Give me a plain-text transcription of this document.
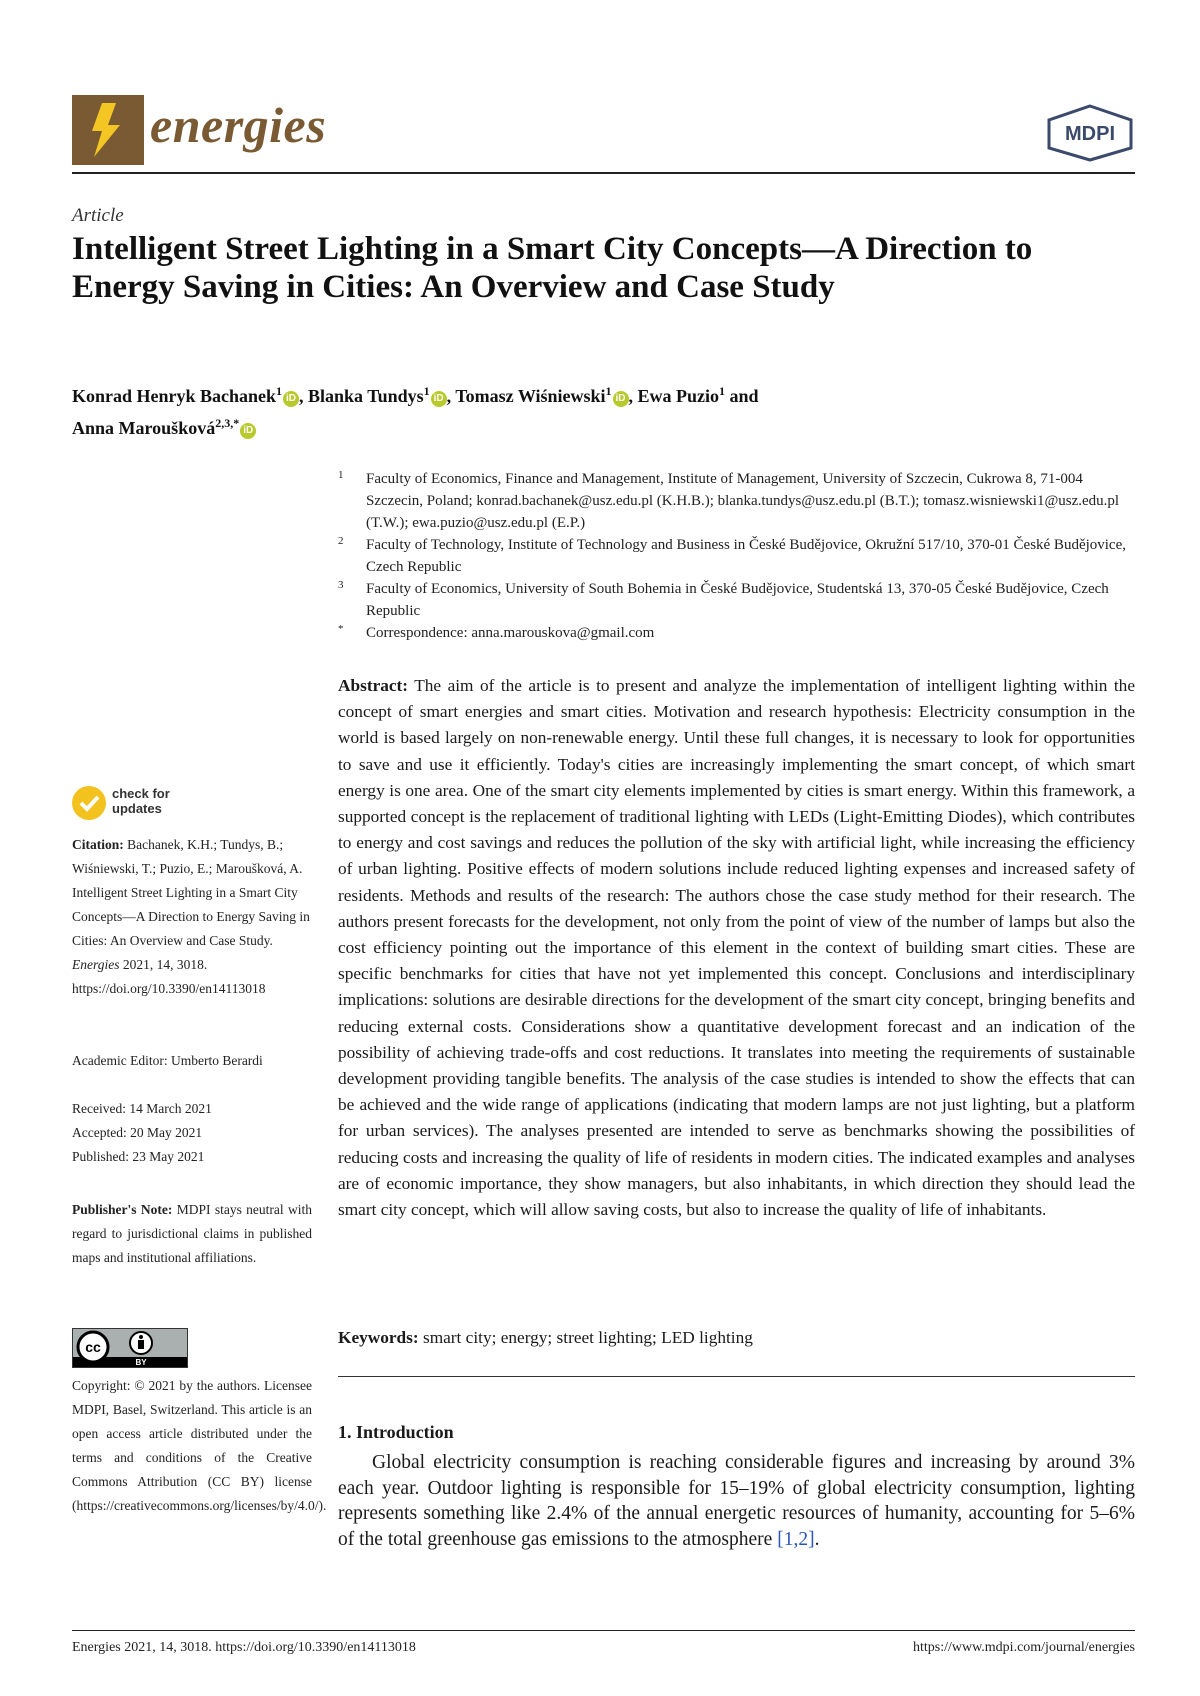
energies	MDPI
Article
Intelligent Street Lighting in a Smart City Concepts—A Direction to Energy Saving in Cities: An Overview and Case Study
Konrad Henryk Bachanek$^1$iD , Blanka Tundys$^1$iD , Tomasz Wiśniewski$^1$iD , Ewa Puzio$^1$ and
Anna Maroušková$^{2,3,*}$iD

1 Faculty of Economics, Finance and Management, Institute of Management, University of Szczecin, Cukrowa 8, 71-004 Szczecin, Poland; konrad.bachanek@usz.edu.pl (K.H.B.); blanka.tundys@usz.edu.pl (B.T.); tomasz.wisniewski1@usz.edu.pl (T.W.); ewa.puzio@usz.edu.pl (E.P.)

2 Faculty of Technology, Institute of Technology and Business in České Budějovice, Okružní 517/10, 370-01 České Budějovice, Czech Republic

3 Faculty of Economics, University of South Bohemia in České Budějovice, Studentská 13, 370-05 České Budějovice, Czech Republic

* Correspondence: anna.marouskova@gmail.com

Abstract: The aim of the article is to present and analyze the implementation of intelligent lighting within the concept of smart energies and smart cities. Motivation and research hypothesis: Electricity consumption in the world is based largely on non-renewable energy. Until these full changes, it is necessary to look for opportunities to save and use it efficiently. Today's cities are increasingly implementing the smart concept, of which smart energy is one area. One of the smart city elements implemented by cities is smart energy. Within this framework, a supported concept is the replacement of traditional lighting with LEDs (Light-Emitting Diodes), which contributes to energy and cost savings and reduces the pollution of the sky with artificial light, while increasing the efficiency of urban lighting. Positive effects of modern solutions include reduced lighting expenses and increased safety of residents. Methods and results of the research: The authors chose the case study method for their research. The authors present forecasts for the development, not only from the point of view of the number of lamps but also the cost efficiency pointing out the importance of this element in the context of building smart cities. These are specific benchmarks for cities that have not yet implemented this concept. Conclusions and interdisciplinary implications: solutions are desirable directions for the development of the smart city concept, bringing benefits and reducing external costs. Considerations show a quantitative development forecast and an indication of the possibility of achieving trade-offs and cost reductions. It translates into meeting the requirements of sustainable development providing tangible benefits. The analysis of the case studies is intended to show the effects that can be achieved and the wide range of applications (indicating that modern lamps are not just lighting, but a platform for urban services). The analyses presented are intended to serve as benchmarks showing the possibilities of reducing costs and increasing the quality of life of residents in modern cities. The indicated examples and analyses are of economic importance, they show managers, but also inhabitants, in which direction they should lead the smart city concept, which will allow saving costs, but also to increase the quality of life of inhabitants.
Keywords: smart city; energy; street lighting; LED lighting
1. Introduction
Global electricity consumption is reaching considerable figures and increasing by around 3% each year. Outdoor lighting is responsible for 15–19% of global electricity consumption, lighting represents something like 2.4% of the annual energetic resources of humanity, accounting for 5–6% of the total greenhouse gas emissions to the atmosphere [1,2].
check for
updates
Citation: Bachanek, K.H.; Tundys, B.; Wiśniewski, T.; Puzio, E.; Maroušková, A. Intelligent Street Lighting in a Smart City Concepts—A Direction to Energy Saving in Cities: An Overview and Case Study. Energies 2021, 14, 3018. https://doi.org/10.3390/en14113018
Academic Editor: Umberto Berardi
Received: 14 March 2021
Accepted: 20 May 2021
Published: 23 May 2021
Publisher's Note: MDPI stays neutral with regard to jurisdictional claims in published maps and institutional affiliations.
cc
BY
Copyright: © 2021 by the authors. Licensee MDPI, Basel, Switzerland. This article is an open access article distributed under the terms and conditions of the Creative Commons Attribution (CC BY) license (https://creativecommons.org/licenses/by/4.0/).
Energies 2021, 14, 3018. https://doi.org/10.3390/en14113018	https://www.mdpi.com/journal/energies
